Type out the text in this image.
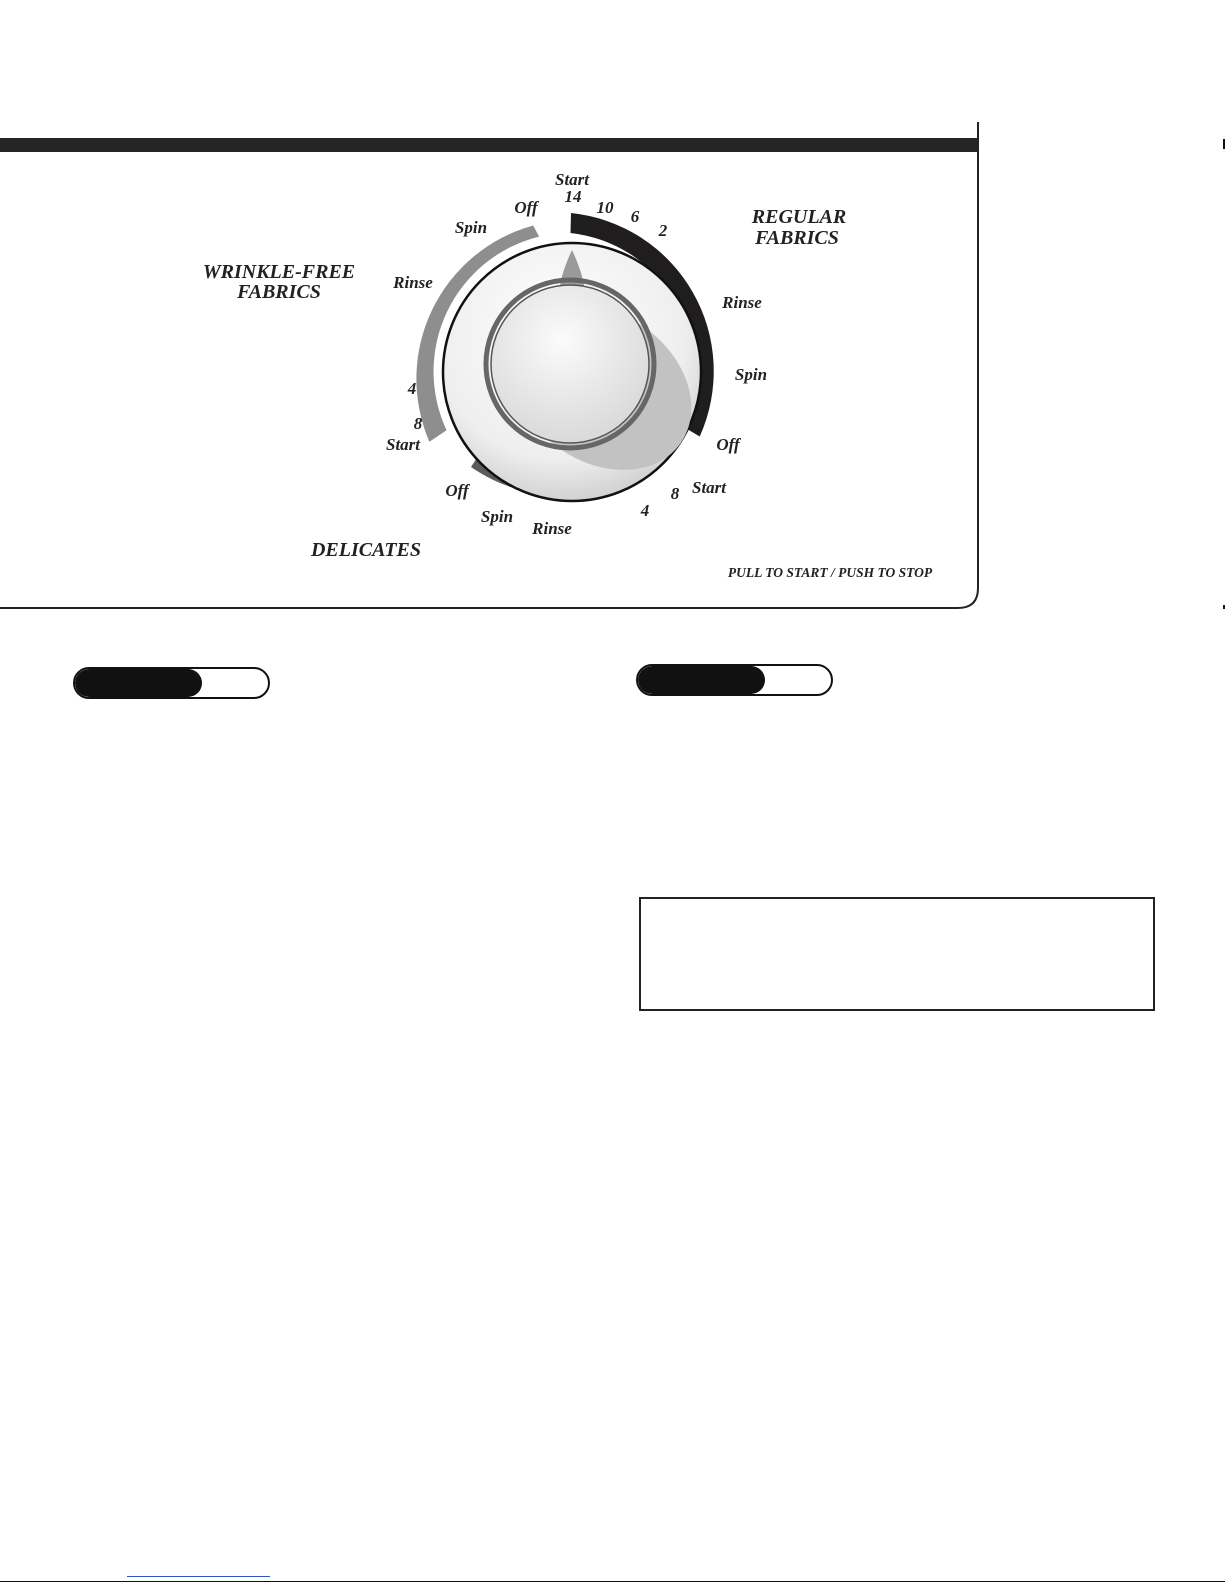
REGULAR
FABRICS
WRINKLE-FREE
FABRICS
DELICATES
Start
14
10 6
2
Rinse
Spin
Off
Off
Spin
Rinse
4
8
Start
Off
Spin
Rinse
4
8 Start
PULL TO START / PUSH TO STOP
